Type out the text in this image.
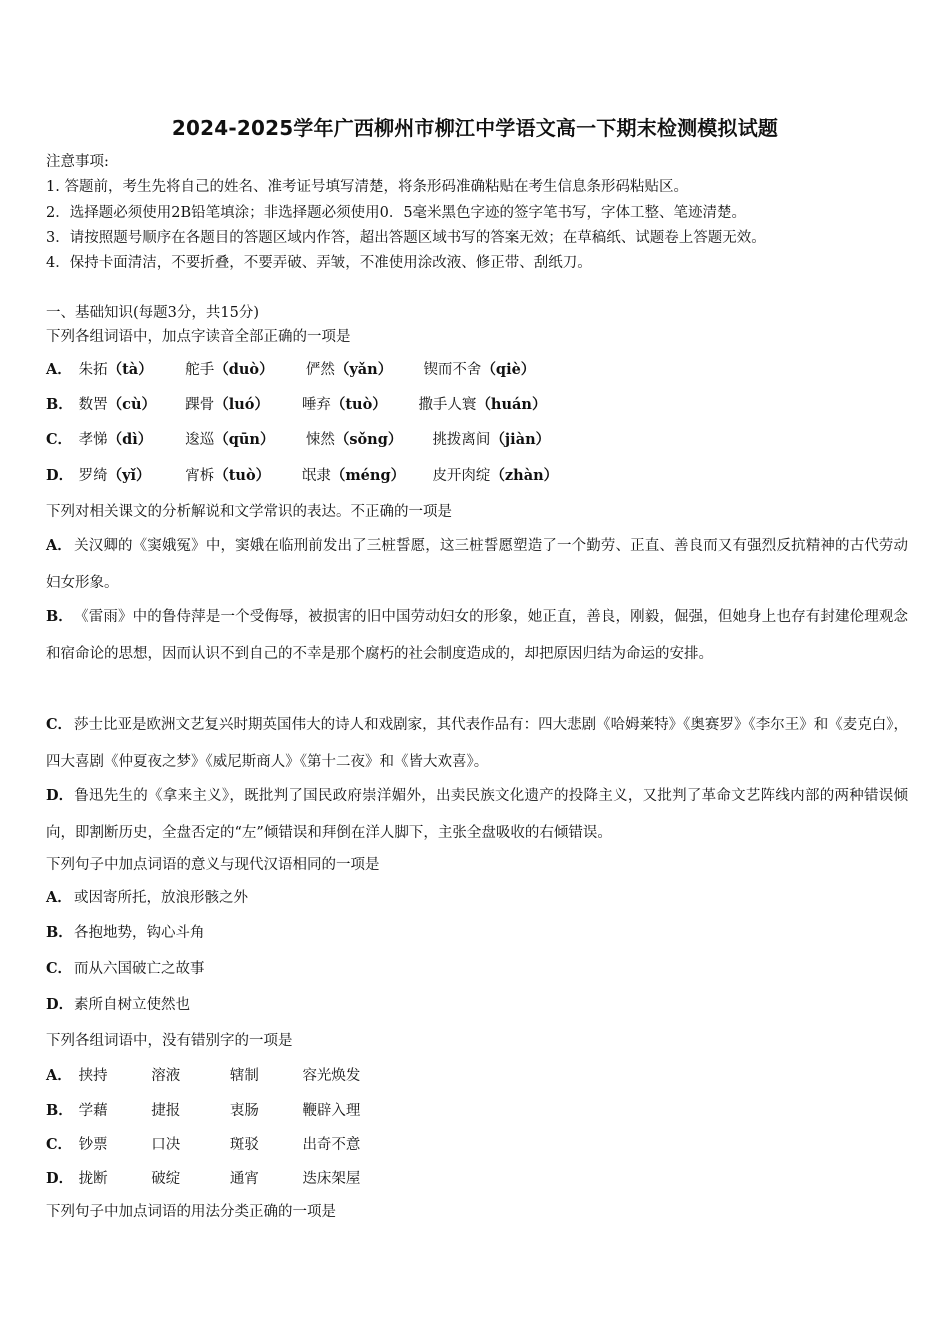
2024-2025学年广西柳州市柳江中学语文高一下期末检测模拟试题
注意事项:
1. 答题前，考生先将自己的姓名、准考证号填写清楚，将条形码准确粘贴在考生信息条形码粘贴区。
2．选择题必须使用2B铅笔填涂；非选择题必须使用0．5毫米黑色字迹的签字笔书写，字体工整、笔迹清楚。
3．请按照题号顺序在各题目的答题区域内作答，超出答题区域书写的答案无效；在草稿纸、试题卷上答题无效。
4．保持卡面清洁，不要折叠，不要弄破、弄皱，不准使用涂改液、修正带、刮纸刀。
一、基础知识(每题3分，共15分)
下列各组词语中，加点字读音全部正确的一项是
A． 朱拓（tà） 舵手（duò） 俨然（yǎn） 锲而不舍（qiè）
B． 数罟（cù） 踝骨（luó） 唾弃（tuò） 撒手人寰（huán）
C． 孝悌（dì） 逡巡（qūn） 悚然（sǒng） 挑拨离间（jiàn）
D． 罗绮（yǐ） 宵柝（tuò） 氓隶（méng） 皮开肉绽（zhàn）
下列对相关课文的分析解说和文学常识的表达。不正确的一项是
A． 关汉卿的《窦娥冤》中，窦娥在临刑前发出了三桩誓愿，这三桩誓愿塑造了一个勤劳、正直、善良而又有强烈反抗精神的古代劳动妇女形象。
B．《雷雨》中的鲁侍萍是一个受侮辱，被损害的旧中国劳动妇女的形象，她正直，善良，刚毅，倔强，但她身上也存有封建伦理观念和宿命论的思想，因而认识不到自己的不幸是那个腐朽的社会制度造成的，却把原因归结为命运的安排。
C． 莎士比亚是欧洲文艺复兴时期英国伟大的诗人和戏剧家，其代表作品有：四大悲剧《哈姆莱特》《奥赛罗》《李尔王》和《麦克白》，四大喜剧《仲夏夜之梦》《威尼斯商人》《第十二夜》和《皆大欢喜》。
D．鲁迅先生的《拿来主义》，既批判了国民政府崇洋媚外，出卖民族文化遗产的投降主义，又批判了革命文艺阵线内部的两种错误倾向，即割断历史，全盘否定的“左”倾错误和拜倒在洋人脚下，主张全盘吸收的右倾错误。
下列句子中加点词语的意义与现代汉语相同的一项是
A． 或因寄所托，放浪形骸之外
B．各抱地势，钩心斗角
C． 而从六国破亡之故事
D．素所自树立使然也
下列各组词语中，没有错别字的一项是
A． 挟持	溶液	辖制	容光焕发
B． 学藉	捷报	衷肠	鞭辟入理
C． 钞票	口决	斑驳	出奇不意
D． 拢断	破绽	通宵	迭床架屋
下列句子中加点词语的用法分类正确的一项是
